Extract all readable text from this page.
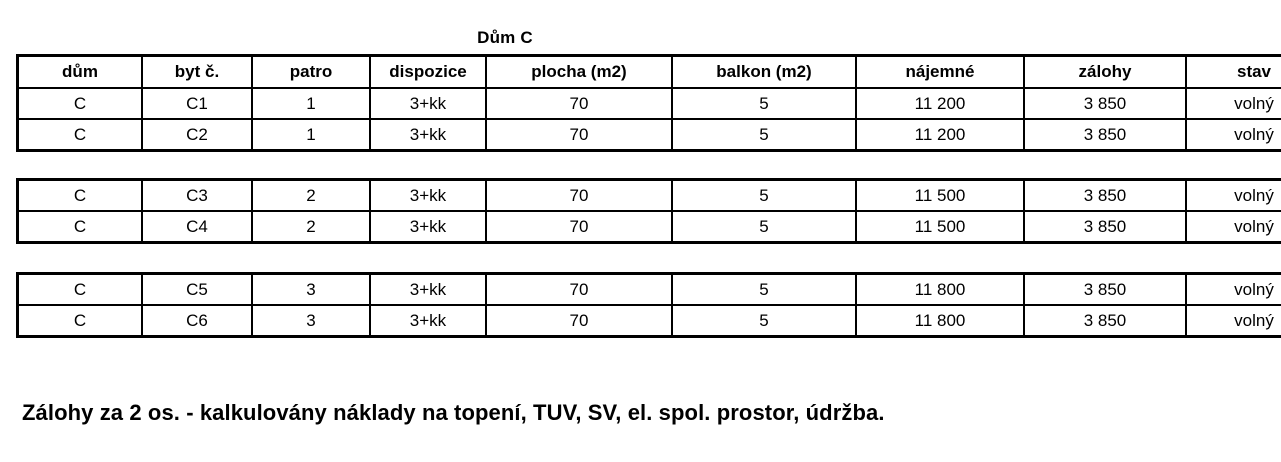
Dům C
dům	byt č.	patro	dispozice	plocha (m2)	balkon (m2)	nájemné	zálohy	stav
C	C1	1	3+kk	70	5	11 200	3 850	volný
C	C2	1	3+kk	70	5	11 200	3 850	volný
C	C3	2	3+kk	70	5	11 500	3 850	volný
C	C4	2	3+kk	70	5	11 500	3 850	volný
C	C5	3	3+kk	70	5	11 800	3 850	volný
C	C6	3	3+kk	70	5	11 800	3 850	volný
Zálohy za 2 os. - kalkulovány náklady na topení, TUV, SV, el. spol. prostor, údržba.
